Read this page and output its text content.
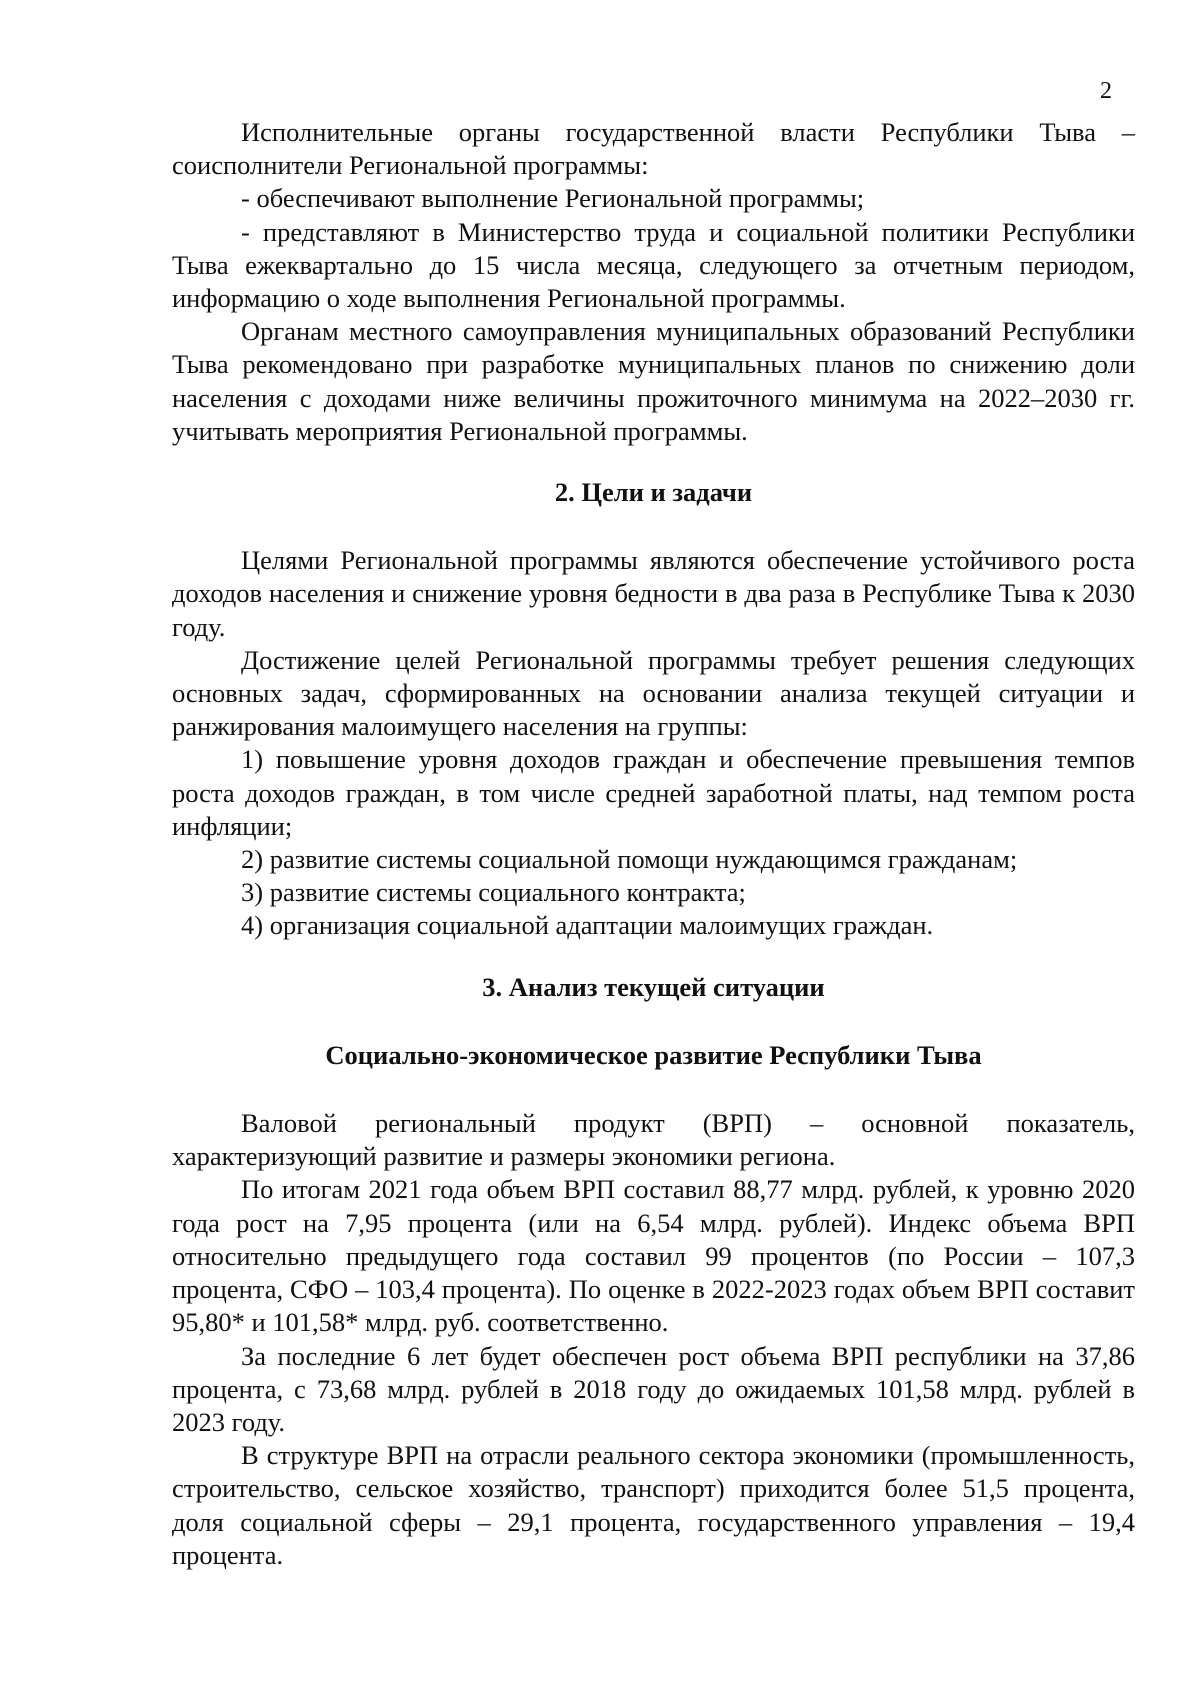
2

Исполнительные органы государственной власти Республики Тыва – соисполнители Региональной программы:

- обеспечивают выполнение Региональной программы;

- представляют в Министерство труда и социальной политики Республики Тыва ежеквартально до 15 числа месяца, следующего за отчетным периодом, информацию о ходе выполнения Региональной программы.

Органам местного самоуправления муниципальных образований Республики Тыва рекомендовано при разработке муниципальных планов по снижению доли населения с доходами ниже величины прожиточного минимума на 2022–2030 гг. учитывать мероприятия Региональной программы.

2. Цели и задачи

Целями Региональной программы являются обеспечение устойчивого роста доходов населения и снижение уровня бедности в два раза в Республике Тыва к 2030 году.

Достижение целей Региональной программы требует решения следующих основных задач, сформированных на основании анализа текущей ситуации и ранжирования малоимущего населения на группы:

1) повышение уровня доходов граждан и обеспечение превышения темпов роста доходов граждан, в том числе средней заработной платы, над темпом роста инфляции;

2) развитие системы социальной помощи нуждающимся гражданам;

3) развитие системы социального контракта;

4) организация социальной адаптации малоимущих граждан.

3. Анализ текущей ситуации
Социально-экономическое развитие Республики Тыва

Валовой региональный продукт (ВРП) – основной показатель, характеризующий развитие и размеры экономики региона.

По итогам 2021 года объем ВРП составил 88,77 млрд. рублей, к уровню 2020 года рост на 7,95 процента (или на 6,54 млрд. рублей). Индекс объема ВРП относительно предыдущего года составил 99 процентов (по России – 107,3 процента, СФО – 103,4 процента). По оценке в 2022-2023 годах объем ВРП составит 95,80* и 101,58* млрд. руб. соответственно.

За последние 6 лет будет обеспечен рост объема ВРП республики на 37,86 процента, с 73,68 млрд. рублей в 2018 году до ожидаемых 101,58 млрд. рублей в 2023 году.

В структуре ВРП на отрасли реального сектора экономики (промышленность, строительство, сельское хозяйство, транспорт) приходится более 51,5 процента, доля социальной сферы – 29,1 процента, государственного управления – 19,4 процента.
